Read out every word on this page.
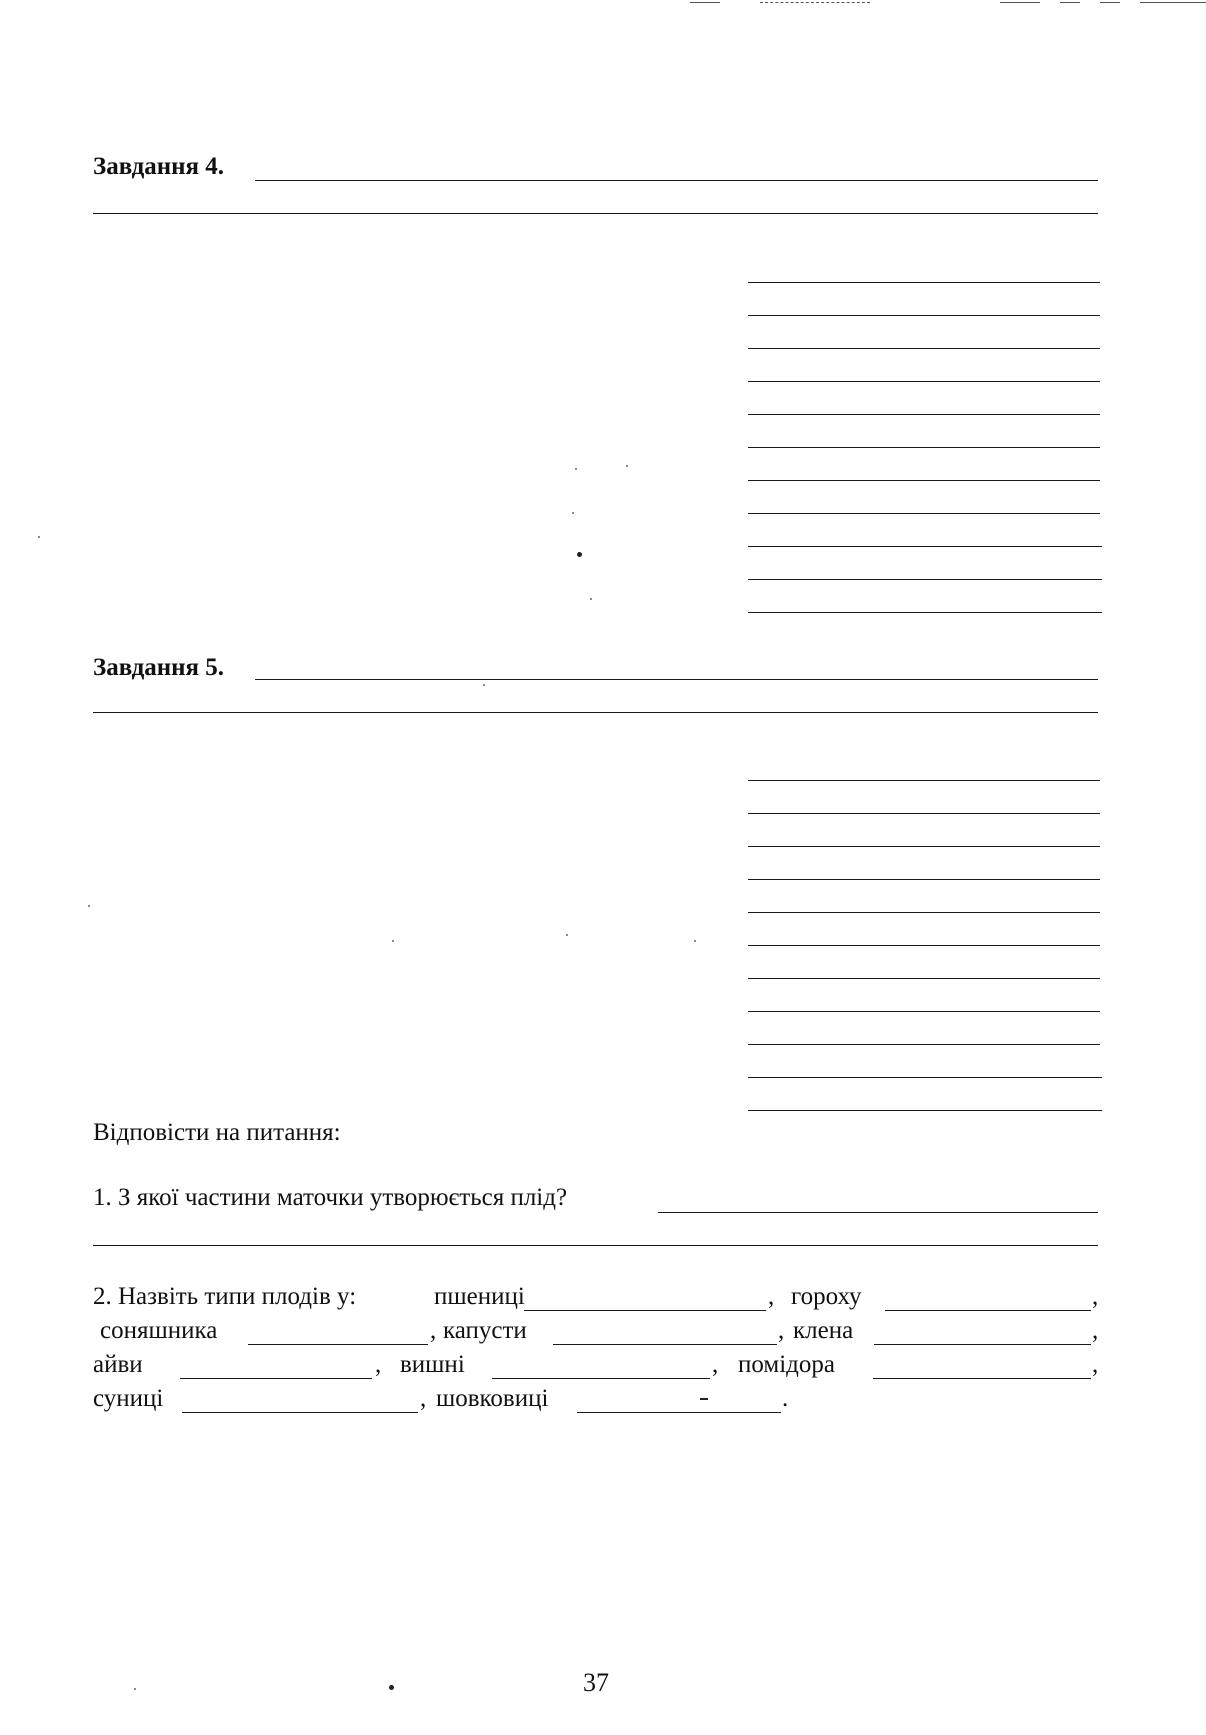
Завдання 4.
Завдання 5.
Відповісти на питання:
1. З якої частини маточки утворюється плід?
2. Назвіть типи плодів у:	пшениці	, гороху	,
соняшника	, капусти	, клена	,
айви	, вишні	, помідора	,
суниці	, шовковиці	.
37
